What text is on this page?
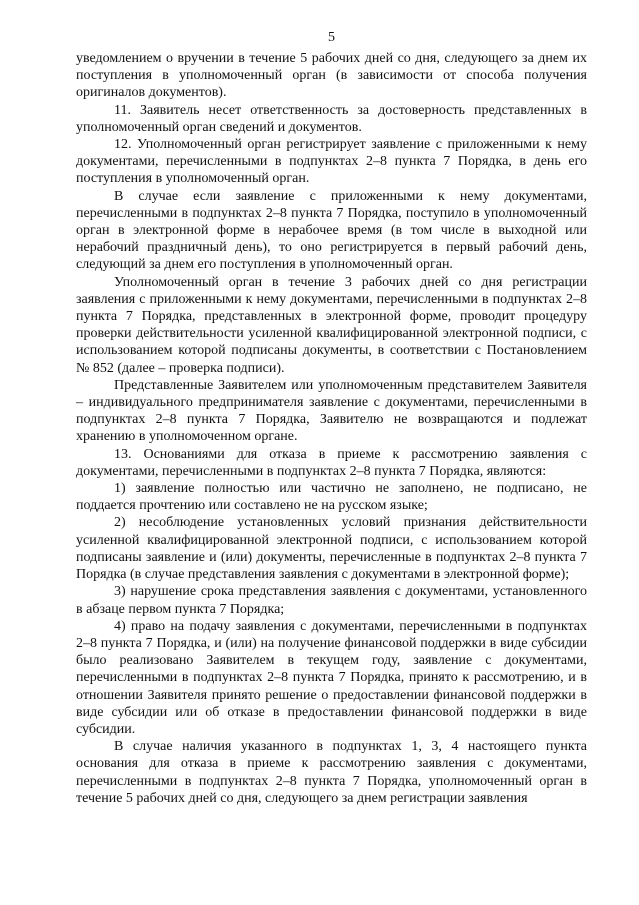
5

уведомлением о вручении в течение 5 рабочих дней со дня, следующего за днем их поступления в уполномоченный орган (в зависимости от способа получения оригиналов документов).

11. Заявитель несет ответственность за достоверность представленных в уполномоченный орган сведений и документов.

12. Уполномоченный орган регистрирует заявление с приложенными к нему документами, перечисленными в подпунктах 2–8 пункта 7 Порядка, в день его поступления в уполномоченный орган.

В случае если заявление с приложенными к нему документами, перечисленными в подпунктах 2–8 пункта 7 Порядка, поступило в уполномоченный орган в электронной форме в нерабочее время (в том числе в выходной или нерабочий праздничный день), то оно регистрируется в первый рабочий день, следующий за днем его поступления в уполномоченный орган.

Уполномоченный орган в течение 3 рабочих дней со дня регистрации заявления с приложенными к нему документами, перечисленными в подпунктах 2–8 пункта 7 Порядка, представленных в электронной форме, проводит процедуру проверки действительности усиленной квалифицированной электронной подписи, с использованием которой подписаны документы, в соответствии с Постановлением № 852 (далее – проверка подписи).

Представленные Заявителем или уполномоченным представителем Заявителя – индивидуального предпринимателя заявление с документами, перечисленными в подпунктах 2–8 пункта 7 Порядка, Заявителю не возвращаются и подлежат хранению в уполномоченном органе.

13. Основаниями для отказа в приеме к рассмотрению заявления с документами, перечисленными в подпунктах 2–8 пункта 7 Порядка, являются:

1) заявление полностью или частично не заполнено, не подписано, не поддается прочтению или составлено не на русском языке;

2) несоблюдение установленных условий признания действительности усиленной квалифицированной электронной подписи, с использованием которой подписаны заявление и (или) документы, перечисленные в подпунктах 2–8 пункта 7 Порядка (в случае представления заявления с документами в электронной форме);

3) нарушение срока представления заявления с документами, установленного в абзаце первом пункта 7 Порядка;

4) право на подачу заявления с документами, перечисленными в подпунктах 2–8 пункта 7 Порядка, и (или) на получение финансовой поддержки в виде субсидии было реализовано Заявителем в текущем году, заявление с документами, перечисленными в подпунктах 2–8 пункта 7 Порядка, принято к рассмотрению, и в отношении Заявителя принято решение о предоставлении финансовой поддержки в виде субсидии или об отказе в предоставлении финансовой поддержки в виде субсидии.

В случае наличия указанного в подпунктах 1, 3, 4 настоящего пункта основания для отказа в приеме к рассмотрению заявления с документами, перечисленными в подпунктах 2–8 пункта 7 Порядка, уполномоченный орган в течение 5 рабочих дней со дня, следующего за днем регистрации заявления
